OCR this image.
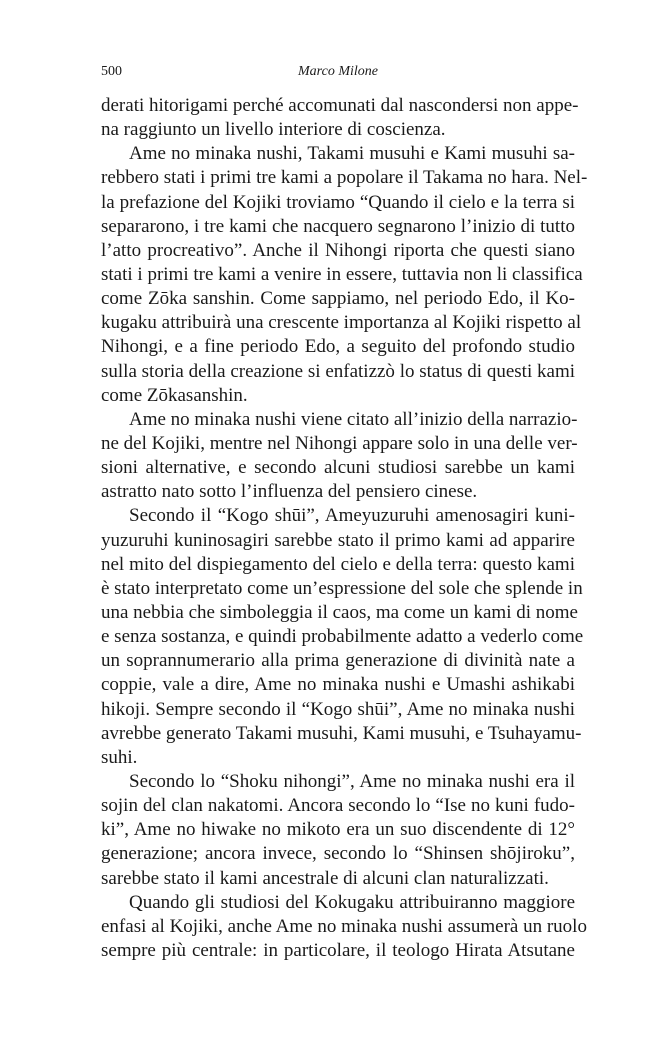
500	Marco Milone

derati hitorigami perché accomunati dal nascondersi non appe-
na raggiunto un livello interiore di coscienza.

Ame no minaka nushi, Takami musuhi e Kami musuhi sa-
rebbero stati i primi tre kami a popolare il Takama no hara. Nel-
la prefazione del Kojiki troviamo “Quando il cielo e la terra si
separarono, i tre kami che nacquero segnarono l’inizio di tutto
l’atto procreativo”. Anche il Nihongi riporta che questi siano
stati i primi tre kami a venire in essere, tuttavia non li classifica
come Zōka sanshin. Come sappiamo, nel periodo Edo, il Ko-
kugaku attribuirà una crescente importanza al Kojiki rispetto al
Nihongi, e a fine periodo Edo, a seguito del profondo studio
sulla storia della creazione si enfatizzò lo status di questi kami
come Zōkasanshin.

Ame no minaka nushi viene citato all’inizio della narrazio-
ne del Kojiki, mentre nel Nihongi appare solo in una delle ver-
sioni alternative, e secondo alcuni studiosi sarebbe un kami
astratto nato sotto l’influenza del pensiero cinese.

Secondo il “Kogo shūi”, Ameyuzuruhi amenosagiri kuni-
yuzuruhi kuninosagiri sarebbe stato il primo kami ad apparire
nel mito del dispiegamento del cielo e della terra: questo kami
è stato interpretato come un’espressione del sole che splende in
una nebbia che simboleggia il caos, ma come un kami di nome
e senza sostanza, e quindi probabilmente adatto a vederlo come
un soprannumerario alla prima generazione di divinità nate a
coppie, vale a dire, Ame no minaka nushi e Umashi ashikabi
hikoji. Sempre secondo il “Kogo shūi”, Ame no minaka nushi
avrebbe generato Takami musuhi, Kami musuhi, e Tsuhayamu-
suhi.

Secondo lo “Shoku nihongi”, Ame no minaka nushi era il
sojin del clan nakatomi. Ancora secondo lo “Ise no kuni fudo-
ki”, Ame no hiwake no mikoto era un suo discendente di 12°
generazione; ancora invece, secondo lo “Shinsen shōjiroku”,
sarebbe stato il kami ancestrale di alcuni clan naturalizzati.

Quando gli studiosi del Kokugaku attribuiranno maggiore
enfasi al Kojiki, anche Ame no minaka nushi assumerà un ruolo
sempre più centrale: in particolare, il teologo Hirata Atsutane
